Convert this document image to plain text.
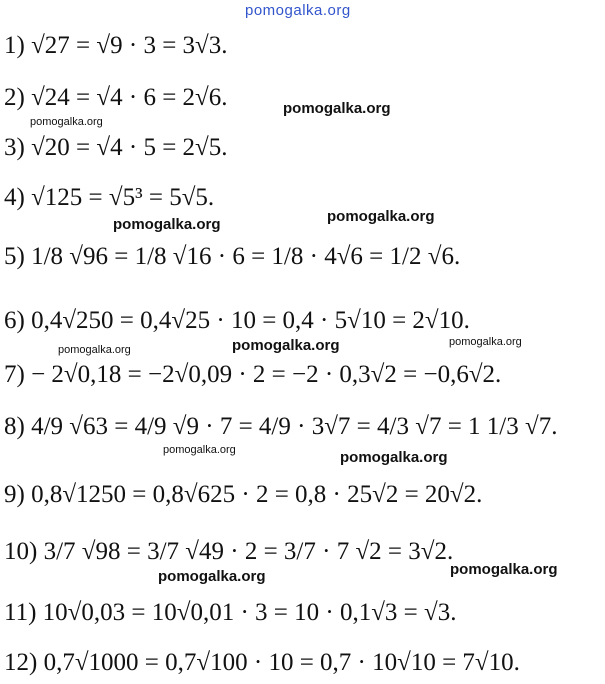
pomogalka.org
1) √27 = √9 · 3 = 3√3.
2) √24 = √4 · 6 = 2√6.
3) √20 = √4 · 5 = 2√5.
4) √125 = √5³ = 5√5.
5) 1/8 √96 = 1/8 √16 · 6 = 1/8 · 4√6 = 1/2 √6.
6) 0,4√250 = 0,4√25 · 10 = 0,4 · 5√10 = 2√10.
7) − 2√0,18 = −2√0,09 · 2 = −2 · 0,3√2 = −0,6√2.
8) 4/9 √63 = 4/9 √9 · 7 = 4/9 · 3√7 = 4/3 √7 = 1 1/3 √7.
9) 0,8√1250 = 0,8√625 · 2 = 0,8 · 25√2 = 20√2.
10) 3/7 √98 = 3/7 √49 · 2 = 3/7 · 7 √2 = 3√2.
11) 10√0,03 = 10√0,01 · 3 = 10 · 0,1√3 = √3.
12) 0,7√1000 = 0,7√100 · 10 = 0,7 · 10√10 = 7√10.
pomogalka.org
pomogalka.org
pomogalka.org	pomogalka.org
pomogalka.org
pomogalka.org
pomogalka.org
pomogalka.org	pomogalka.org
pomogalka.org	pomogalka.org
